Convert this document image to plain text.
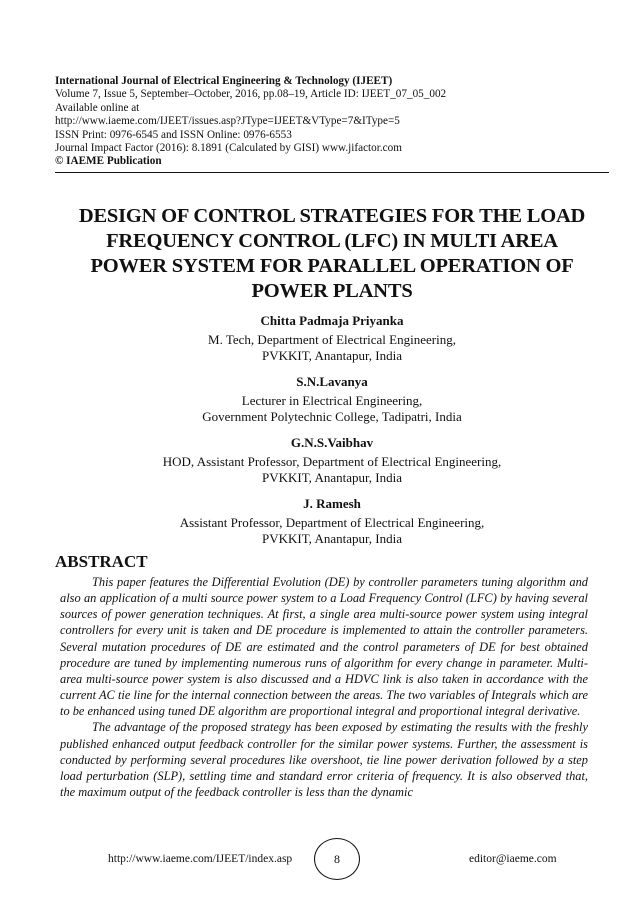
International Journal of Electrical Engineering & Technology (IJEET)
Volume 7, Issue 5, September–October, 2016, pp.08–19, Article ID: IJEET_07_05_002
Available online at
http://www.iaeme.com/IJEET/issues.asp?JType=IJEET&VType=7&IType=5
ISSN Print: 0976-6545 and ISSN Online: 0976-6553
Journal Impact Factor (2016): 8.1891 (Calculated by GISI) www.jifactor.com
© IAEME Publication
DESIGN OF CONTROL STRATEGIES FOR THE LOAD
FREQUENCY CONTROL (LFC) IN MULTI AREA
POWER SYSTEM FOR PARALLEL OPERATION OF
POWER PLANTS
Chitta Padmaja Priyanka
M. Tech, Department of Electrical Engineering,
PVKKIT, Anantapur, India
S.N.Lavanya
Lecturer in Electrical Engineering,
Government Polytechnic College, Tadipatri, India
G.N.S.Vaibhav
HOD, Assistant Professor, Department of Electrical Engineering,
PVKKIT, Anantapur, India
J. Ramesh
Assistant Professor, Department of Electrical Engineering,
PVKKIT, Anantapur, India
ABSTRACT

This paper features the Differential Evolution (DE) by controller parameters tuning algorithm and also an application of a multi source power system to a Load Frequency Control (LFC) by having several sources of power generation techniques. At first, a single area multi-source power system using integral controllers for every unit is taken and DE procedure is implemented to attain the controller parameters. Several mutation procedures of DE are estimated and the control parameters of DE for best obtained procedure are tuned by implementing numerous runs of algorithm for every change in parameter. Multi-area multi-source power system is also discussed and a HDVC link is also taken in accordance with the current AC tie line for the internal connection between the areas. The two variables of Integrals which are to be enhanced using tuned DE algorithm are proportional integral and proportional integral derivative.

The advantage of the proposed strategy has been exposed by estimating the results with the freshly published enhanced output feedback controller for the similar power systems. Further, the assessment is conducted by performing several procedures like overshoot, tie line power derivation followed by a step load perturbation (SLP), settling time and standard error criteria of frequency. It is also observed that, the maximum output of the feedback controller is less than the dynamic

http://www.iaeme.com/IJEET/index.asp	8	editor@iaeme.com
